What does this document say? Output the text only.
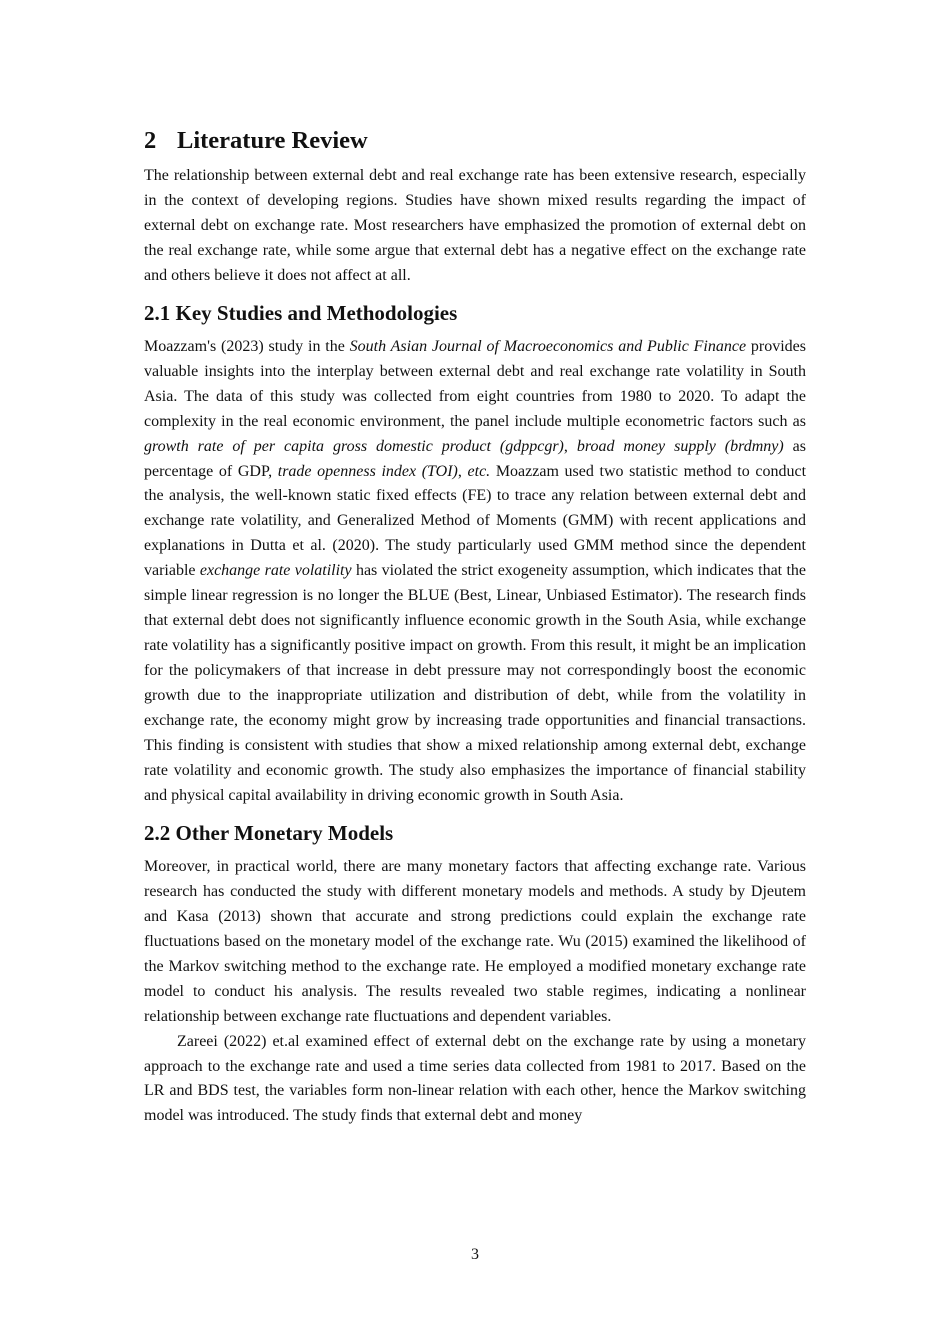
2 Literature Review

The relationship between external debt and real exchange rate has been extensive research, especially in the context of developing regions. Studies have shown mixed results regarding the impact of external debt on exchange rate. Most researchers have emphasized the promotion of external debt on the real exchange rate, while some argue that external debt has a negative effect on the exchange rate and others believe it does not affect at all.

2.1 Key Studies and Methodologies

Moazzam's (2023) study in the South Asian Journal of Macroeconomics and Public Finance provides valuable insights into the interplay between external debt and real exchange rate volatility in South Asia. The data of this study was collected from eight countries from 1980 to 2020. To adapt the complexity in the real economic environment, the panel include multiple econometric factors such as growth rate of per capita gross domestic product (gdppcgr), broad money supply (brdmny) as percentage of GDP, trade openness index (TOI), etc. Moazzam used two statistic method to conduct the analysis, the well-known static fixed effects (FE) to trace any relation between external debt and exchange rate volatility, and Generalized Method of Moments (GMM) with recent applications and explanations in Dutta et al. (2020). The study particularly used GMM method since the dependent variable exchange rate volatility has violated the strict exogeneity assumption, which indicates that the simple linear regression is no longer the BLUE (Best, Linear, Unbiased Estimator). The research finds that external debt does not significantly influence economic growth in the South Asia, while exchange rate volatility has a significantly positive impact on growth. From this result, it might be an implication for the policymakers of that increase in debt pressure may not correspondingly boost the economic growth due to the inappropriate utilization and distribution of debt, while from the volatility in exchange rate, the economy might grow by increasing trade opportunities and financial transactions. This finding is consistent with studies that show a mixed relationship among external debt, exchange rate volatility and economic growth. The study also emphasizes the importance of financial stability and physical capital availability in driving economic growth in South Asia.

2.2 Other Monetary Models

Moreover, in practical world, there are many monetary factors that affecting exchange rate. Various research has conducted the study with different monetary models and methods. A study by Djeutem and Kasa (2013) shown that accurate and strong predictions could explain the exchange rate fluctuations based on the monetary model of the exchange rate. Wu (2015) examined the likelihood of the Markov switching method to the exchange rate. He employed a modified monetary exchange rate model to conduct his analysis. The results revealed two stable regimes, indicating a nonlinear relationship between exchange rate fluctuations and dependent variables.

Zareei (2022) et.al examined effect of external debt on the exchange rate by using a monetary approach to the exchange rate and used a time series data collected from 1981 to 2017. Based on the LR and BDS test, the variables form non-linear relation with each other, hence the Markov switching model was introduced. The study finds that external debt and money

3
